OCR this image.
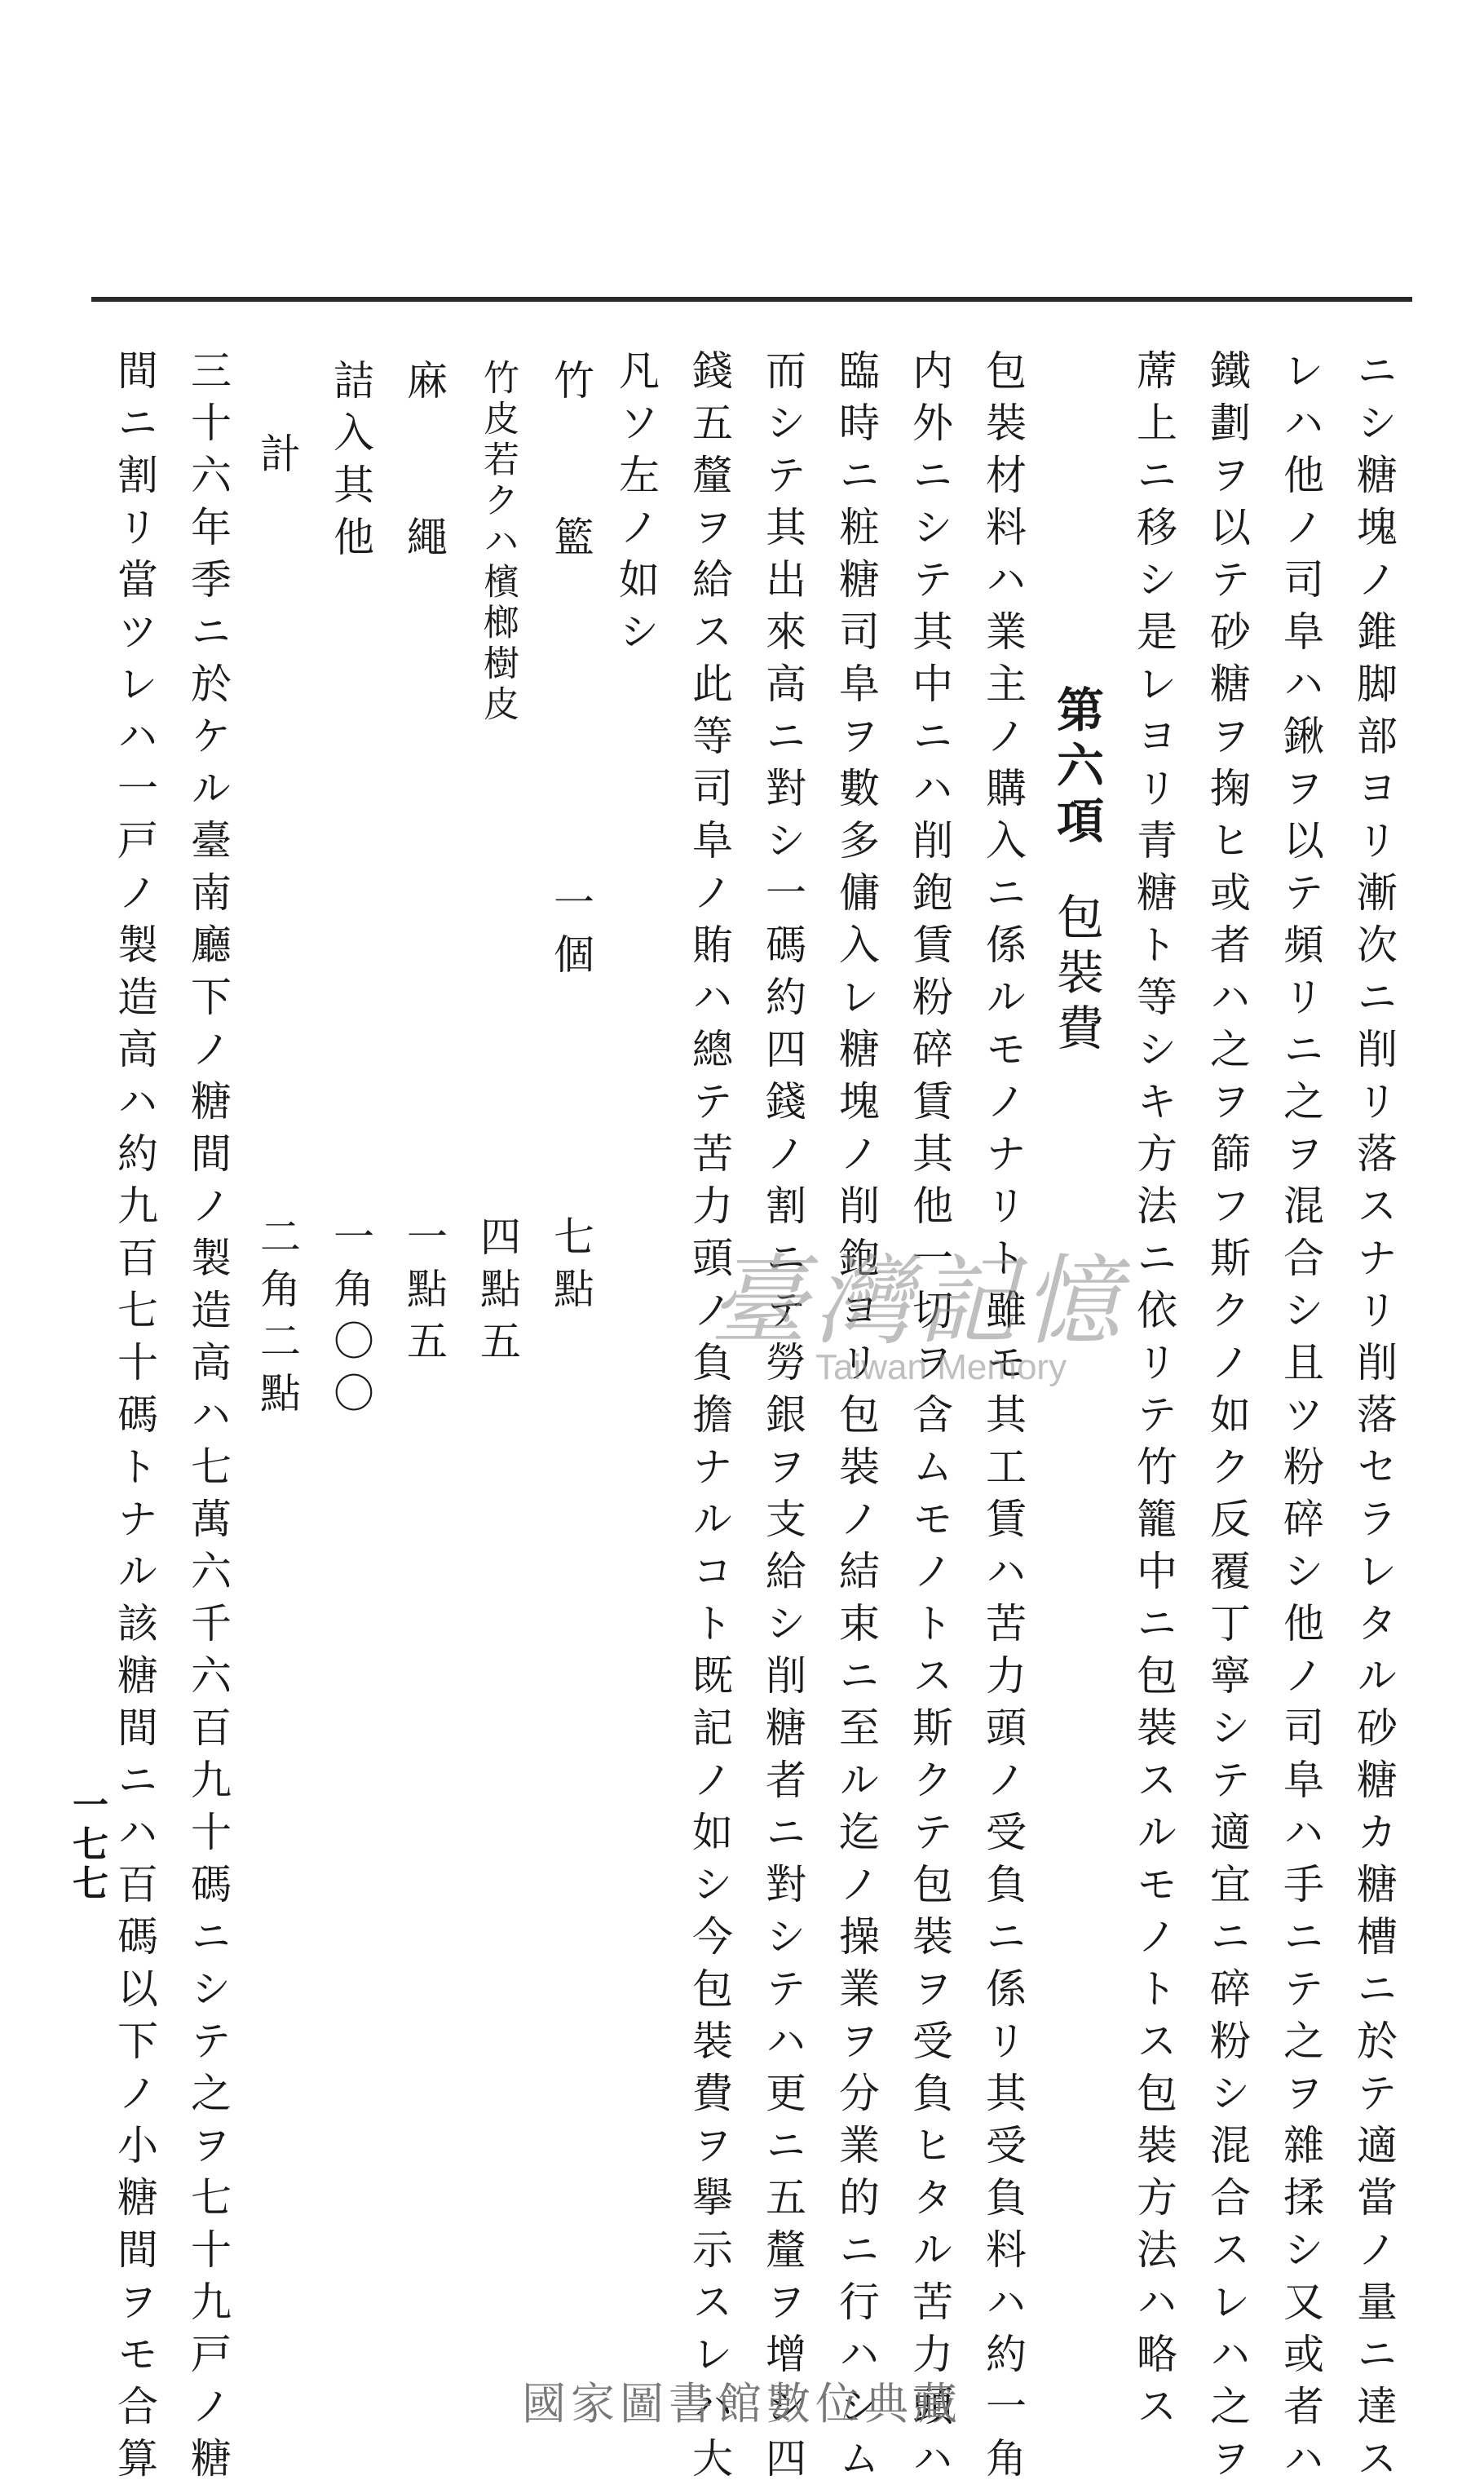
ニシ糖塊ノ錐脚部ヨリ漸次ニ削リ落スナリ削落セラレタル砂糖カ糖槽ニ於テ適當ノ量ニ達ス
レハ他ノ司阜ハ鍬ヲ以テ頻リニ之ヲ混合シ且ツ粉碎シ他ノ司阜ハ手ニテ之ヲ雜揉シ又或者ハ
鐵劃ヲ以テ砂糖ヲ掬ヒ或者ハ之ヲ篩フ斯クノ如ク反覆丁寧シテ適宜ニ碎粉シ混合スレハ之ヲ
蓆上ニ移シ是レヨリ青糖ト等シキ方法ニ依リテ竹籠中ニ包裝スルモノトス包裝方法ハ略ス
第六項包裝費
包裝材料ハ業主ノ購入ニ係ルモノナリト雖モ其工賃ハ苦力頭ノ受負ニ係リ其受負料ハ約一角
内外ニシテ其中ニハ削鉋賃粉碎賃其他一切ヲ含ムモノトス斯クテ包裝ヲ受負ヒタル苦力頭ハ
臨時ニ粧糖司阜ヲ數多傭入レ糖塊ノ削鉋ヨリ包裝ノ結束ニ至ル迄ノ操業ヲ分業的ニ行ハシム
而シテ其出來高ニ對シ一碼約四錢ノ割ニテ勞銀ヲ支給シ削糖者ニ對シテハ更ニ五釐ヲ增シ四
錢五釐ヲ給ス此等司阜ノ賄ハ總テ苦力頭ノ負擔ナルコト既記ノ如シ今包裝費ヲ擧示スレハ大
凡ソ左ノ如シ
竹　　籃
一個
七點
竹皮若クハ檳榔樹皮
四點五
麻　　繩
一點五
詰入其他
一角〇〇
計
二角二點
三十六年季ニ於ケル臺南廳下ノ糖間ノ製造高ハ七萬六千六百九十碼ニシテ之ヲ七十九戸ノ糖
間ニ割リ當ツレハ一戸ノ製造高ハ約九百七十碼トナル該糖間ニハ百碼以下ノ小糖間ヲモ合算
一七七
臺灣記憶
Taiwan Memory
國家圖書館數位典藏
